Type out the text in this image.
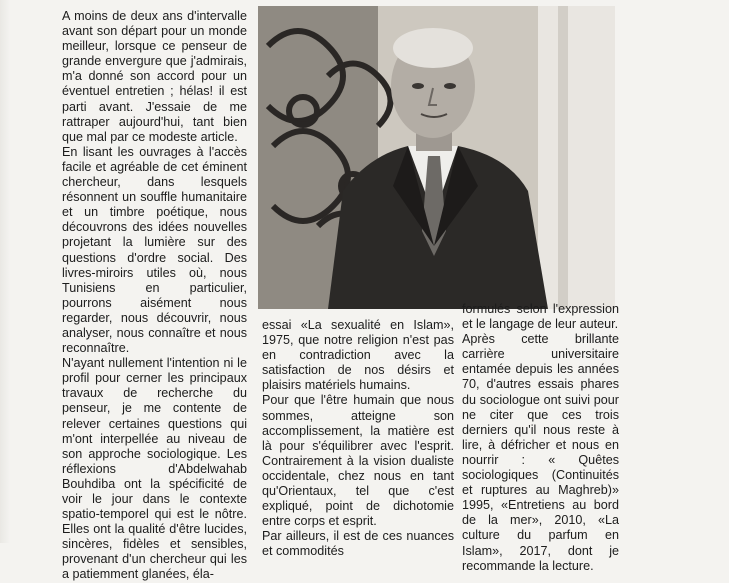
A moins de deux ans d'intervalle avant son départ pour un monde meilleur, lorsque ce penseur de grande envergure que j'admirais, m'a donné son accord pour un éventuel entretien ; hélas! il est parti avant. J'essaie de me rattraper aujourd'hui, tant bien que mal par ce modeste article.

En lisant les ouvrages à l'accès facile et agréable de cet éminent chercheur, dans lesquels résonnent un souffle humanitaire et un timbre poétique, nous découvrons des idées nouvelles projetant la lumière sur des questions d'ordre social. Des livres-miroirs utiles où, nous Tunisiens en particulier, pourrons aisément nous regarder, nous découvrir, nous analyser, nous connaître et nous reconnaître.

N'ayant nullement l'intention ni le profil pour cerner les principaux travaux de recherche du penseur, je me contente de relever certaines questions qui m'ont interpellée au niveau de son approche sociologique. Les réflexions d'Abdelwahab Bouhdiba ont la spécificité de voir le jour dans le contexte spatio-temporel qui est le nôtre. Elles ont la qualité d'être lucides, sincères, fidèles et sensibles, provenant d'un chercheur qui les a patiemment glanées, éla-

essai «La sexualité en Islam», 1975, que notre religion n'est pas en contradiction avec la satisfaction de nos désirs et plaisirs matériels humains.

Pour que l'être humain que nous sommes, atteigne son accomplissement, la matière est là pour s'équilibrer avec l'esprit. Contrairement à la vision dualiste occidentale, chez nous en tant qu'Orientaux, tel que c'est expliqué, point de dichotomie entre corps et esprit.

Par ailleurs, il est de ces nuances et commodités

formulés selon l'expression et le langage de leur auteur.

Après cette brillante carrière universitaire entamée depuis les années 70, d'autres essais phares du sociologue ont suivi pour ne citer que ces trois derniers qu'il nous reste à lire, à défricher et nous en nourrir : « Quêtes sociologiques (Continuités et ruptures au Maghreb)» 1995, «Entretiens au bord de la mer», 2010, «La culture du parfum en Islam», 2017, dont je recommande la lecture.
